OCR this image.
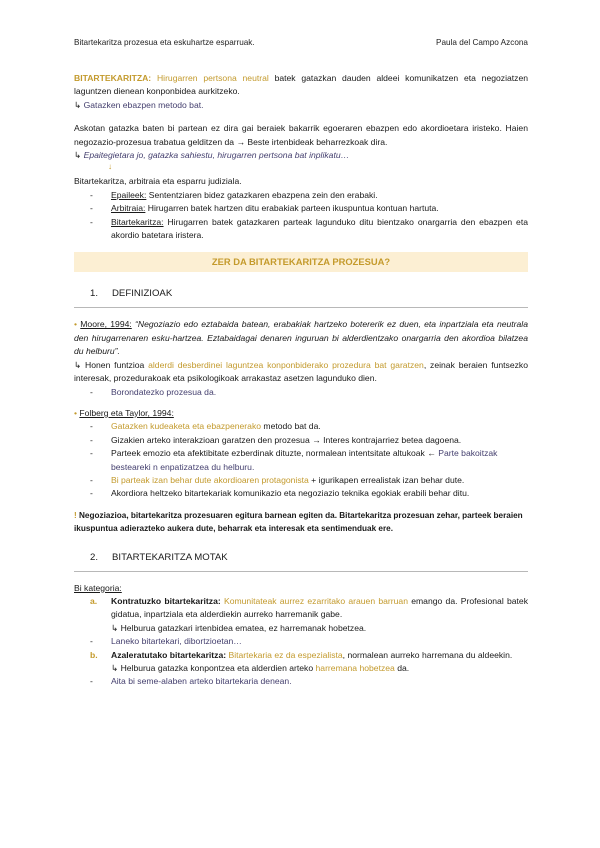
Bitartekaritza prozesua eta eskuhartze esparruak.	Paula del Campo Azcona

BITARTEKARITZA: Hirugarren pertsona neutral batek gatazkan dauden aldeei komunikatzen eta negoziatzen laguntzen dienean konponbidea aurkitzeko.

↳ Gatazken ebazpen metodo bat.

Askotan gatazka baten bi partean ez dira gai beraiek bakarrik egoeraren ebazpen edo akordioetara iristeko. Haien negozazio-prozesua trabatua gelditzen da → Beste irtenbideak beharrezkoak dira.

↳ Epaitegietara jo, gatazka sahiestu, hirugarren pertsona bat inplikatu…

↓

Bitartekaritza, arbitraia eta esparru judiziala.

- Epaileek: Sententziaren bidez gatazkaren ebazpena zein den erabaki.
- Arbitraia: Hirugarren batek hartzen ditu erabakiak parteen ikuspuntua kontuan hartuta.
- Bitartekaritza: Hirugarren batek gatazkaren parteak lagunduko ditu bientzako onargarria den ebazpen eta akordio batetara iristera.
ZER DA BITARTEKARITZA PROZESUA?
1. DEFINIZIOAK

• Moore, 1994: “Negoziazio edo eztabaida batean, erabakiak hartzeko botererik ez duen, eta inpartziala eta neutrala den hirugarrenaren esku-hartzea. Eztabaidagai denaren inguruan bi alderdientzako onargarria den akordioa bilatzea du helburu”.

↳ Honen funtzioa alderdi desberdinei laguntzea konponbiderako prozedura bat garatzen, zeinak beraien funtsezko interesak, prozedurakoak eta psikologikoak arrakastaz asetzen lagunduko dien.

- Borondatezko prozesua da.

• Folberg eta Taylor, 1994:

- Gatazken kudeaketa eta ebazpenerako metodo bat da.
- Gizakien arteko interakzioan garatzen den prozesua → Interes kontrajarriez betea dagoena.
- Parteek emozio eta afektibitate ezberdinak dituzte, normalean intentsitate altukoak ← Parte bakoitzak besteareki n enpatizatzea du helburu.
- Bi parteak izan behar dute akordioaren protagonista + igurikapen errealistak izan behar dute.
- Akordiora heltzeko bitartekariak komunikazio eta negoziazio teknika egokiak erabili behar ditu.

! Negoziazioa, bitartekaritza prozesuaren egitura barnean egiten da. Bitartekaritza prozesuan zehar, parteek beraien ikuspuntua adierazteko aukera dute, beharrak eta interesak eta sentimenduak ere.

2. BITARTEKARITZA MOTAK

Bi kategoria:

a. Kontratuzko bitartekaritza: Komunitateak aurrez ezarritako arauen barruan emango da. Profesional batek gidatua, inpartziala eta alderdiekin aurreko harremanik gabe.
↳ Helburua gatazkari irtenbidea ematea, ez harremanak hobetzea.
- Laneko bitartekari, dibortzioetan…
b. Azaleratutako bitartekaritza: Bitartekaria ez da espezialista, normalean aurreko harremana du aldeekin.
↳ Helburua gatazka konpontzea eta alderdien arteko harremana hobetzea da.
- Aita bi seme-alaben arteko bitartekaria denean.
